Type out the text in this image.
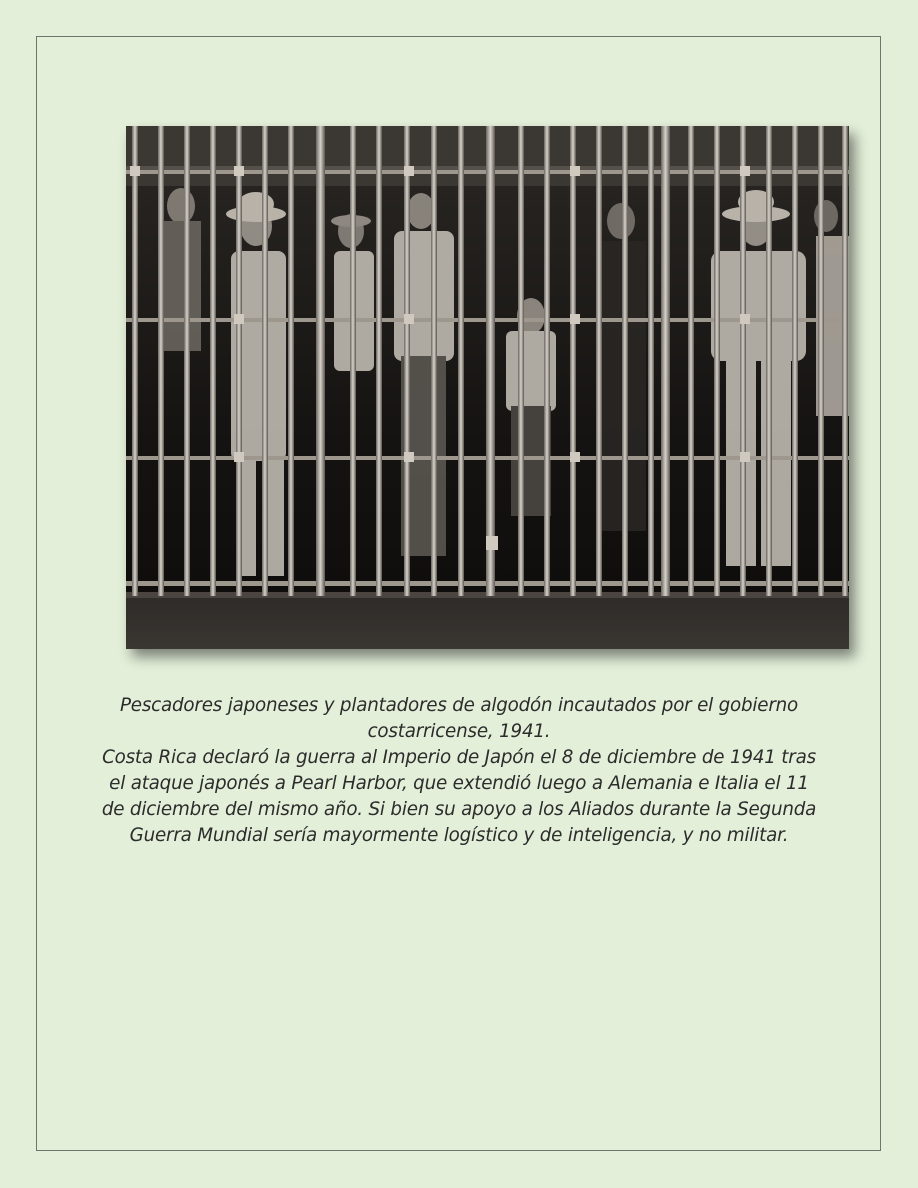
Pescadores japoneses y plantadores de algodón incautados por el gobierno costarricense, 1941.

Costa Rica declaró la guerra al Imperio de Japón el 8 de diciembre de 1941 tras el ataque japonés a Pearl Harbor, que extendió luego a Alemania e Italia el 11 de diciembre del mismo año. Si bien su apoyo a los Aliados durante la Segunda Guerra Mundial sería mayormente logístico y de inteligencia, y no militar.
